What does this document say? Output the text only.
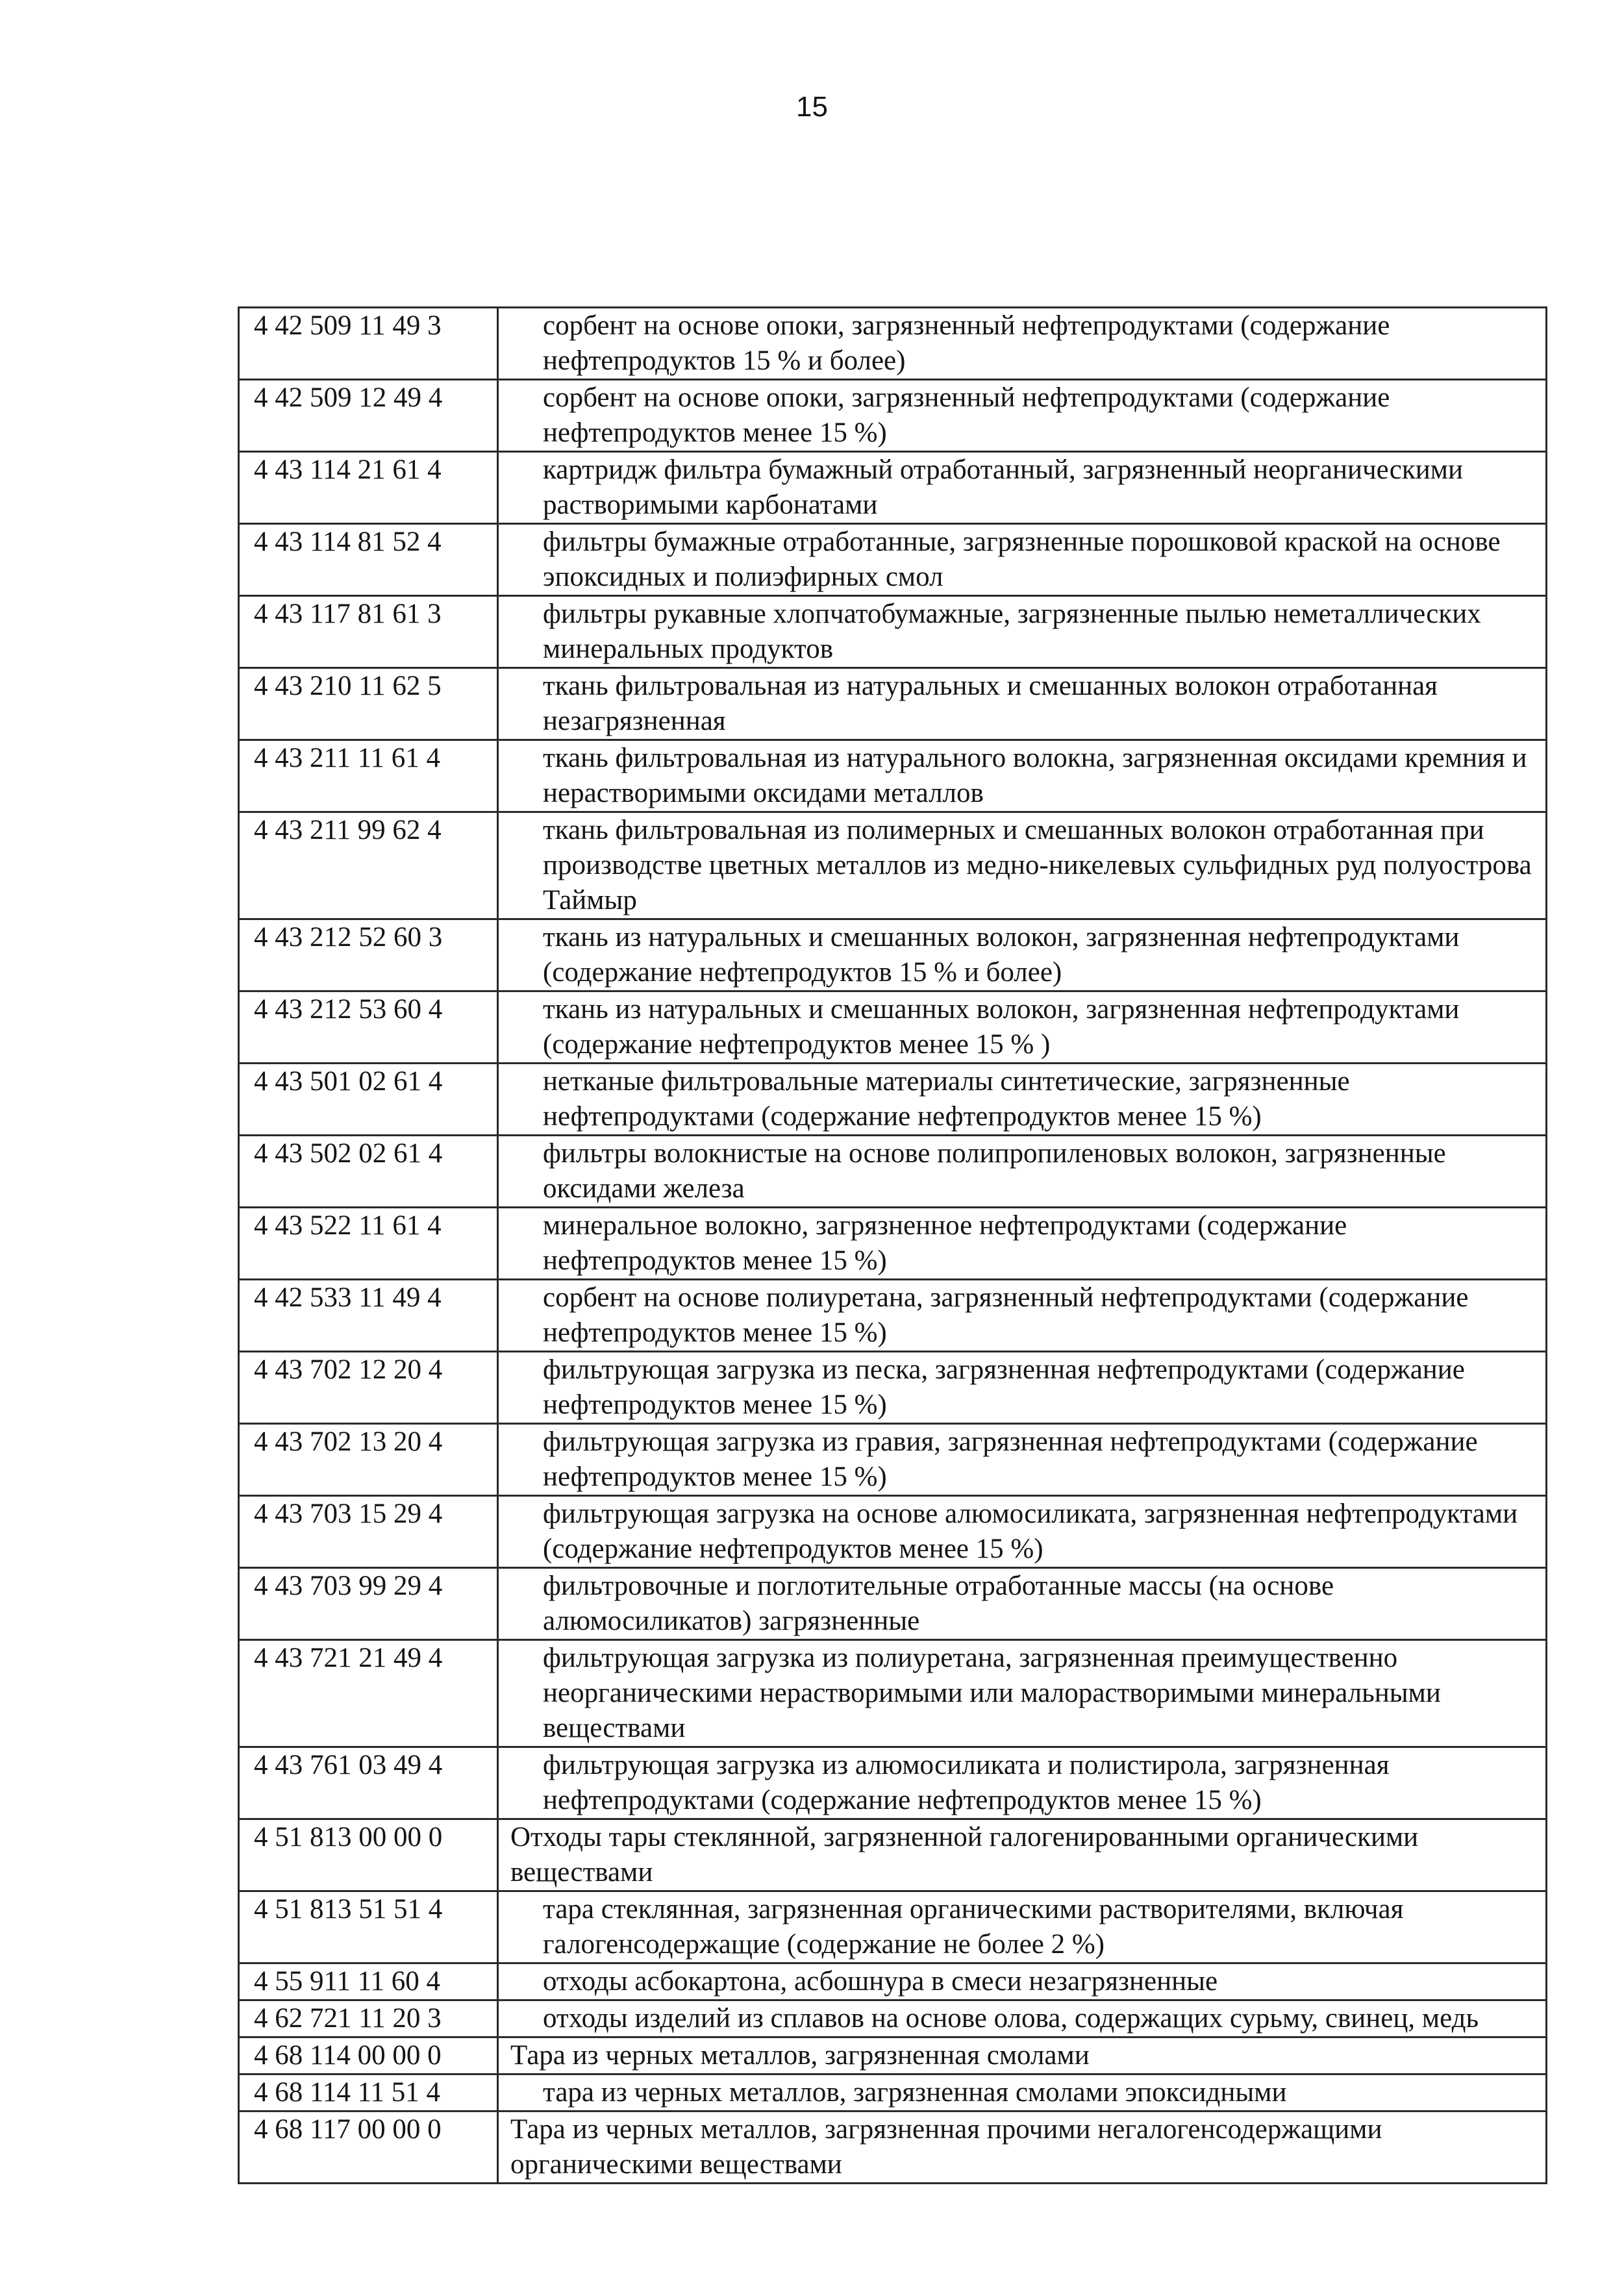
15
4 42 509 11 49 3	сорбент на основе опоки, загрязненный нефтепродуктами (содержание нефтепродуктов 15 % и более)
4 42 509 12 49 4	сорбент на основе опоки, загрязненный нефтепродуктами (содержание нефтепродуктов менее 15 %)
4 43 114 21 61 4	картридж фильтра бумажный отработанный, загрязненный неорганическими растворимыми карбонатами
4 43 114 81 52 4	фильтры бумажные отработанные, загрязненные порошковой краской на основе эпоксидных и полиэфирных смол
4 43 117 81 61 3	фильтры рукавные хлопчатобумажные, загрязненные пылью неметаллических минеральных продуктов
4 43 210 11 62 5	ткань фильтровальная из натуральных и смешанных волокон отработанная незагрязненная
4 43 211 11 61 4	ткань фильтровальная из натурального волокна, загрязненная оксидами кремния и нерастворимыми оксидами металлов
4 43 211 99 62 4	ткань фильтровальная из полимерных и смешанных волокон отработанная при производстве цветных металлов из медно-никелевых сульфидных руд полуострова Таймыр
4 43 212 52 60 3	ткань из натуральных и смешанных волокон, загрязненная нефтепродуктами (содержание нефтепродуктов 15 % и более)
4 43 212 53 60 4	ткань из натуральных и смешанных волокон, загрязненная нефтепродуктами (содержание нефтепродуктов менее 15 % )
4 43 501 02 61 4	нетканые фильтровальные материалы синтетические, загрязненные нефтепродуктами (содержание нефтепродуктов менее 15 %)
4 43 502 02 61 4	фильтры волокнистые на основе полипропиленовых волокон, загрязненные оксидами железа
4 43 522 11 61 4	минеральное волокно, загрязненное нефтепродуктами (содержание нефтепродуктов менее 15 %)
4 42 533 11 49 4	сорбент на основе полиуретана, загрязненный нефтепродуктами (содержание нефтепродуктов менее 15 %)
4 43 702 12 20 4	фильтрующая загрузка из песка, загрязненная нефтепродуктами (содержание нефтепродуктов менее 15 %)
4 43 702 13 20 4	фильтрующая загрузка из гравия, загрязненная нефтепродуктами (содержание нефтепродуктов менее 15 %)
4 43 703 15 29 4	фильтрующая загрузка на основе алюмосиликата, загрязненная нефтепродуктами (содержание нефтепродуктов менее 15 %)
4 43 703 99 29 4	фильтровочные и поглотительные отработанные массы (на основе алюмосиликатов) загрязненные
4 43 721 21 49 4	фильтрующая загрузка из полиуретана, загрязненная преимущественно неорганическими нерастворимыми или малорастворимыми минеральными веществами
4 43 761 03 49 4	фильтрующая загрузка из алюмосиликата и полистирола, загрязненная нефтепродуктами (содержание нефтепродуктов менее 15 %)
4 51 813 00 00 0	Отходы тары стеклянной, загрязненной галогенированными органическими веществами
4 51 813 51 51 4	тара стеклянная, загрязненная органическими растворителями, включая галогенсодержащие (содержание не более 2 %)
4 55 911 11 60 4	отходы асбокартона, асбошнура в смеси незагрязненные
4 62 721 11 20 3	отходы изделий из сплавов на основе олова, содержащих сурьму, свинец, медь
4 68 114 00 00 0	Тара из черных металлов, загрязненная смолами
4 68 114 11 51 4	тара из черных металлов, загрязненная смолами эпоксидными
4 68 117 00 00 0	Тара из черных металлов, загрязненная прочими негалогенсодержащими органическими веществами
